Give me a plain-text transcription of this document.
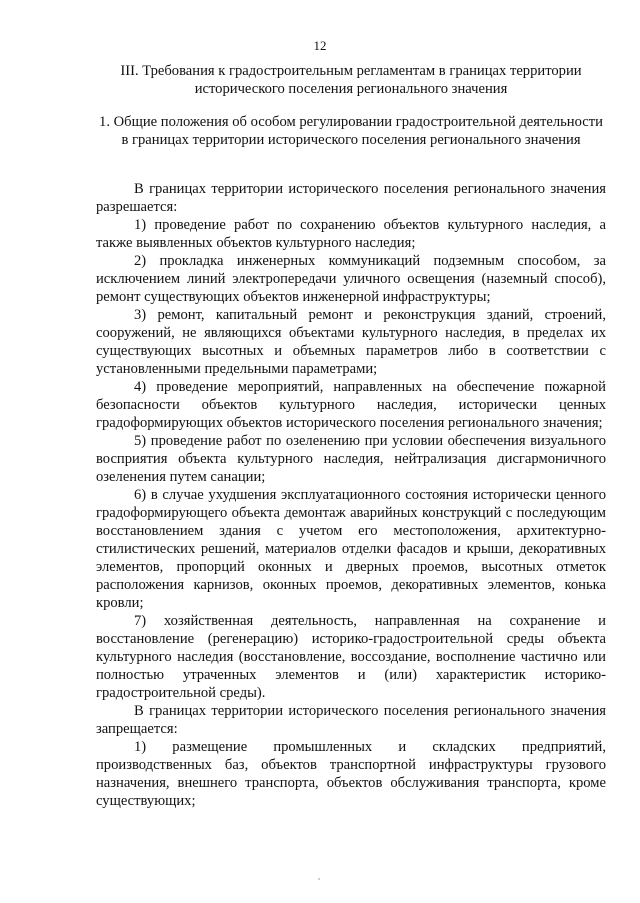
12
III. Требования к градостроительным регламентам в границах территории исторического поселения регионального значения
1. Общие положения об особом регулировании градостроительной деятельности в границах территории исторического поселения регионального значения

В границах территории исторического поселения регионального значения разрешается:

1) проведение работ по сохранению объектов культурного наследия, а также выявленных объектов культурного наследия;

2) прокладка инженерных коммуникаций подземным способом, за исключением линий электропередачи уличного освещения (наземный способ), ремонт существующих объектов инженерной инфраструктуры;

3) ремонт, капитальный ремонт и реконструкция зданий, строений, сооружений, не являющихся объектами культурного наследия, в пределах их существующих высотных и объемных параметров либо в соответствии с установленными предельными параметрами;

4) проведение мероприятий, направленных на обеспечение пожарной безопасности объектов культурного наследия, исторически ценных градоформирующих объектов исторического поселения регионального значения;

5) проведение работ по озеленению при условии обеспечения визуального восприятия объекта культурного наследия, нейтрализация дисгармоничного озеленения путем санации;

6) в случае ухудшения эксплуатационного состояния исторически ценного градоформирующего объекта демонтаж аварийных конструкций с последующим восстановлением здания с учетом его местоположения, архитектурно-стилистических решений, материалов отделки фасадов и крыши, декоративных элементов, пропорций оконных и дверных проемов, высотных отметок расположения карнизов, оконных проемов, декоративных элементов, конька кровли;

7) хозяйственная деятельность, направленная на сохранение и восстановление (регенерацию) историко-градостроительной среды объекта культурного наследия (восстановление, воссоздание, восполнение частично или полностью утраченных элементов и (или) характеристик историко-градостроительной среды).

В границах территории исторического поселения регионального значения запрещается:

1) размещение промышленных и складских предприятий, производственных баз, объектов транспортной инфраструктуры грузового назначения, внешнего транспорта, объектов обслуживания транспорта, кроме существующих;
